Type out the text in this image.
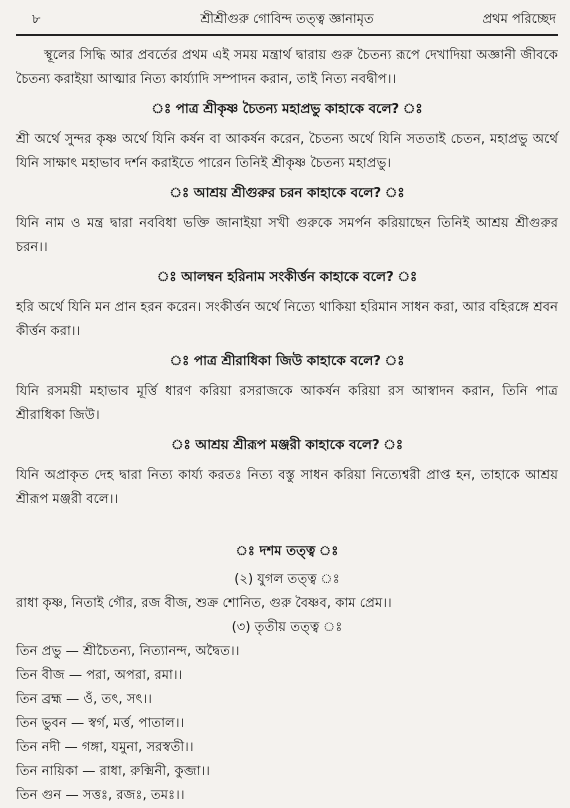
৮	শ্রীশ্রীগুরু গোবিন্দ তত্ত্ব জ্ঞানামৃত	প্রথম পরিচ্ছেদ

স্থূলের সিদ্ধি আর প্রবর্তের প্রথম এই সময় মন্ত্রার্থ দ্বারায় গুরু চৈতন্য রূপে দেখাদিয়া অজ্ঞানী জীবকে চৈতন্য করাইয়া আত্মার নিত্য কার্য্যাদি সম্পাদন করান, তাই নিত্য নবদ্বীপ।।

ঃ পাত্র শ্রীকৃষ্ণ চৈতন্য মহাপ্রভু কাহাকে বলে? ঃ

শ্রী অর্থে সুন্দর কৃষ্ণ অর্থে যিনি কর্ষন বা আকর্ষন করেন, চৈতন্য অর্থে যিনি সততাই চেতন, মহাপ্রভু অর্থে যিনি সাক্ষাৎ মহাভাব দর্শন করাইতে পারেন তিনিই শ্রীকৃষ্ণ চৈতন্য মহাপ্রভু।

ঃ আশ্রয় শ্রীগুরুর চরন কাহাকে বলে? ঃ

যিনি নাম ও মন্ত্র দ্বারা নববিধা ভক্তি জানাইয়া সখী গুরুকে সমর্পন করিয়াছেন তিনিই আশ্রয় শ্রীগুরুর চরন।।

ঃ আলম্বন হরিনাম সংকীর্ত্তন কাহাকে বলে? ঃ

হরি অর্থে যিনি মন প্রান হরন করেন। সংকীর্ত্তন অর্থে নিত্যে থাকিয়া হরিমান সাধন করা, আর বহিরঙ্গে শ্রবন কীর্ত্তন করা।।

ঃ পাত্র শ্রীরাধিকা জিউ কাহাকে বলে? ঃ

যিনি রসময়ী মহাভাব মূর্ত্তি ধারণ করিয়া রসরাজকে আকর্ষন করিয়া রস আস্বাদন করান, তিনি পাত্র শ্রীরাধিকা জিউ।

ঃ আশ্রয় শ্রীরূপ মঞ্জরী কাহাকে বলে? ঃ

যিনি অপ্রাকৃত দেহ দ্বারা নিত্য কার্য্য করতঃ নিত্য বস্তু সাধন করিয়া নিত্যেশ্বরী প্রাপ্ত হন, তাহাকে আশ্রয় শ্রীরূপ মঞ্জরী বলে।।

ঃ দশম তত্ত্ব ঃ
(২) যুগল তত্ত্ব ঃ

রাধা কৃষ্ণ, নিতাই গৌর, রজ বীজ, শুক্র শোনিত, গুরু বৈষ্ণব, কাম প্রেম।।

(৩) তৃতীয় তত্ত্ব ঃ

তিন প্রভু — শ্রীচৈতন্য, নিত্যানন্দ, অদ্বৈত।।

তিন বীজ — পরা, অপরা, রমা।।

তিন ব্রহ্ম — ওঁ, তৎ, সৎ।।

তিন ভুবন — স্বর্গ, মর্ত্ত, পাতাল।।

তিন নদী — গঙ্গা, যমুনা, সরস্বতী।।

তিন নায়িকা — রাধা, রুক্মিনী, কুব্জা।।

তিন গুন — সত্তঃ, রজঃ, তমঃ।।
